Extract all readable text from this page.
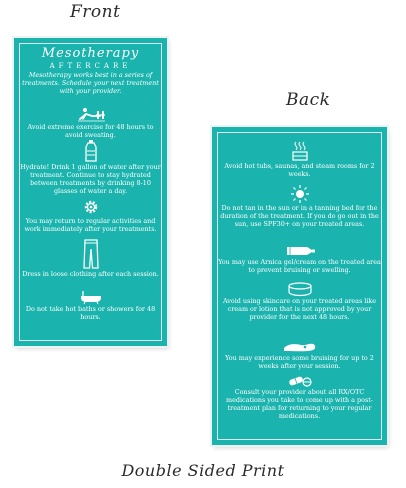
Front
Back
Mesotherapy
AFTERCARE
Mesotherapy works best in a series of treatments. Schedule your next treatment with your provider.
Avoid extreme exercise for 48 hours to avoid sweating.
Hydrate! Drink 1 gallon of water after your treatment. Continue to stay hydrated between treatments by drinking 8-10 glasses of water a day.
You may return to regular activities and work immediately after your treatments.
Dress in loose clothing after each session.
Do not take hot baths or showers for 48 hours.
Avoid hot tubs, saunas, and steam rooms for 2 weeks.
Do not tan in the sun or in a tanning bed for the duration of the treatment. If you do go out in the sun, use SPF30+ on your treated areas.
You may use Arnica gel/cream on the treated area to prevent bruising or swelling.
Avoid using skincare on your treated areas like cream or lotion that is not approved by your provider for the next 48 hours.
You may experience some bruising for up to 2 weeks after your session.
Consult your provider about all RX/OTC medications you take to come up with a post-treatment plan for returning to your regular medications.
Double Sided Print
